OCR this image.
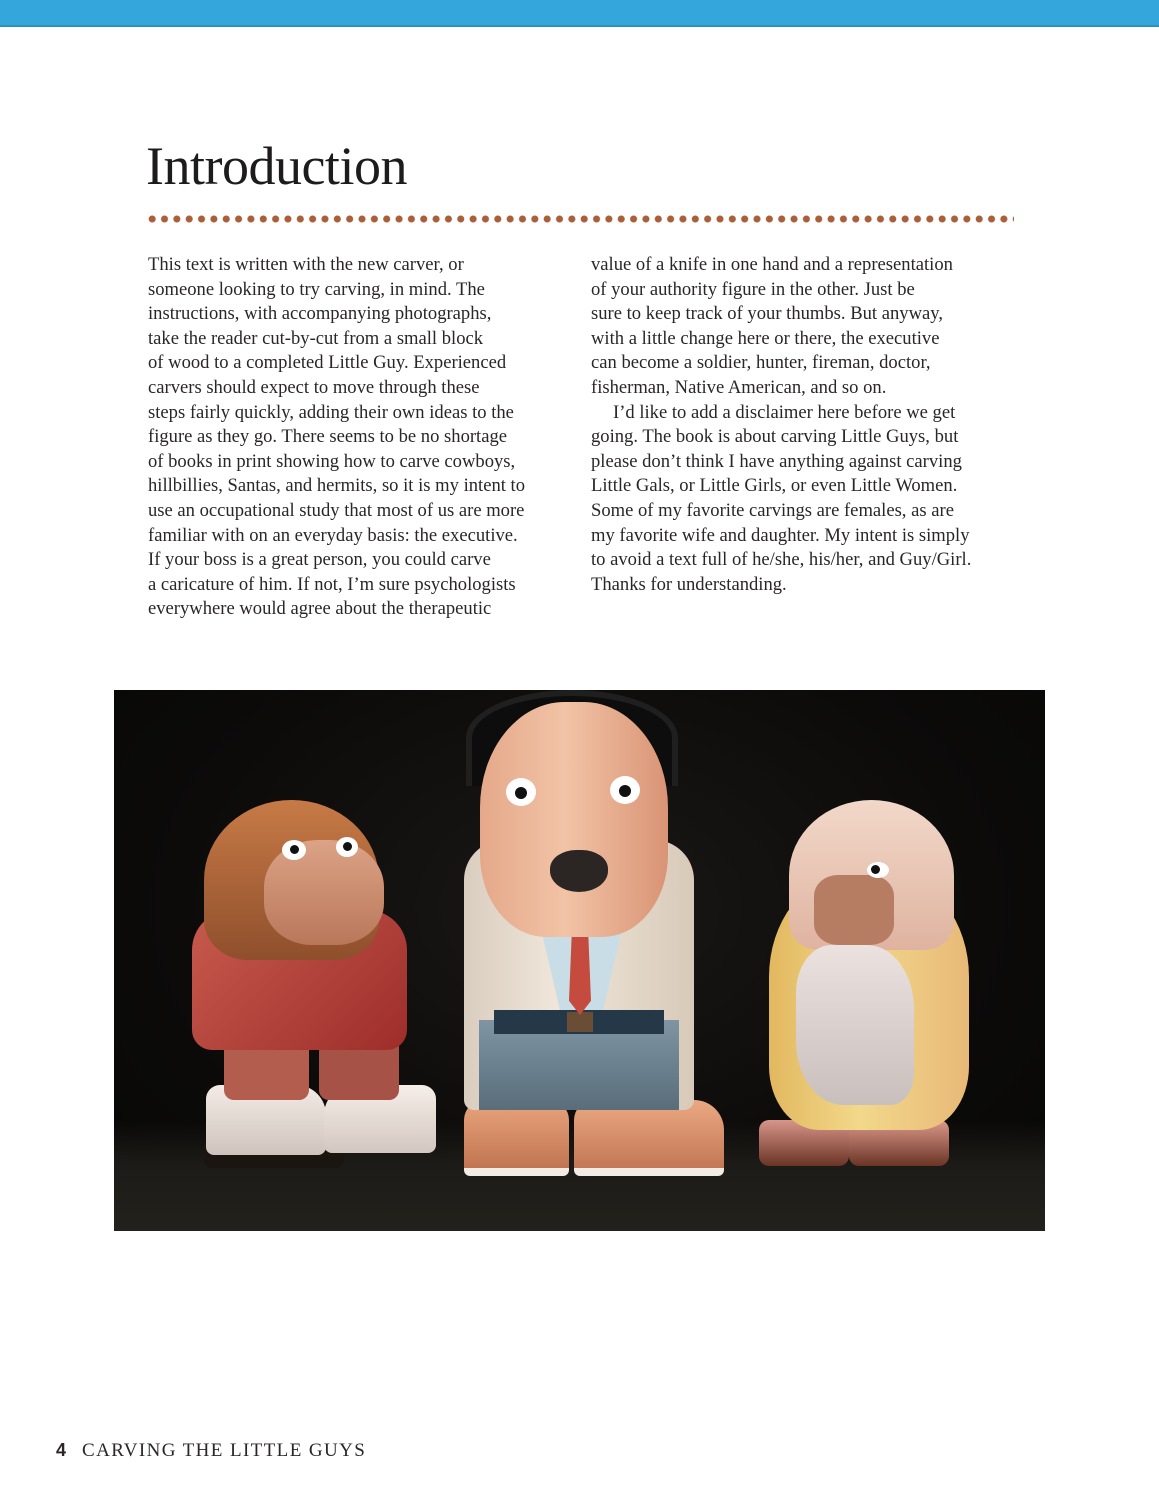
Introduction

This text is written with the new carver, or
someone looking to try carving, in mind. The
instructions, with accompanying photographs,
take the reader cut-by-cut from a small block
of wood to a completed Little Guy. Experienced
carvers should expect to move through these
steps fairly quickly, adding their own ideas to the
figure as they go. There seems to be no shortage
of books in print showing how to carve cowboys,
hillbillies, Santas, and hermits, so it is my intent to
use an occupational study that most of us are more
familiar with on an everyday basis: the executive.
If your boss is a great person, you could carve
a caricature of him. If not, I’m sure psychologists
everywhere would agree about the therapeutic

value of a knife in one hand and a representation
of your authority figure in the other. Just be
sure to keep track of your thumbs. But anyway,
with a little change here or there, the executive
can become a soldier, hunter, fireman, doctor,
fisherman, Native American, and so on.

I’d like to add a disclaimer here before we get
going. The book is about carving Little Guys, but
please don’t think I have anything against carving
Little Gals, or Little Girls, or even Little Women.
Some of my favorite carvings are females, as are
my favorite wife and daughter. My intent is simply
to avoid a text full of he/she, his/her, and Guy/Girl.
Thanks for understanding.

4 CARVING THE LITTLE GUYS
